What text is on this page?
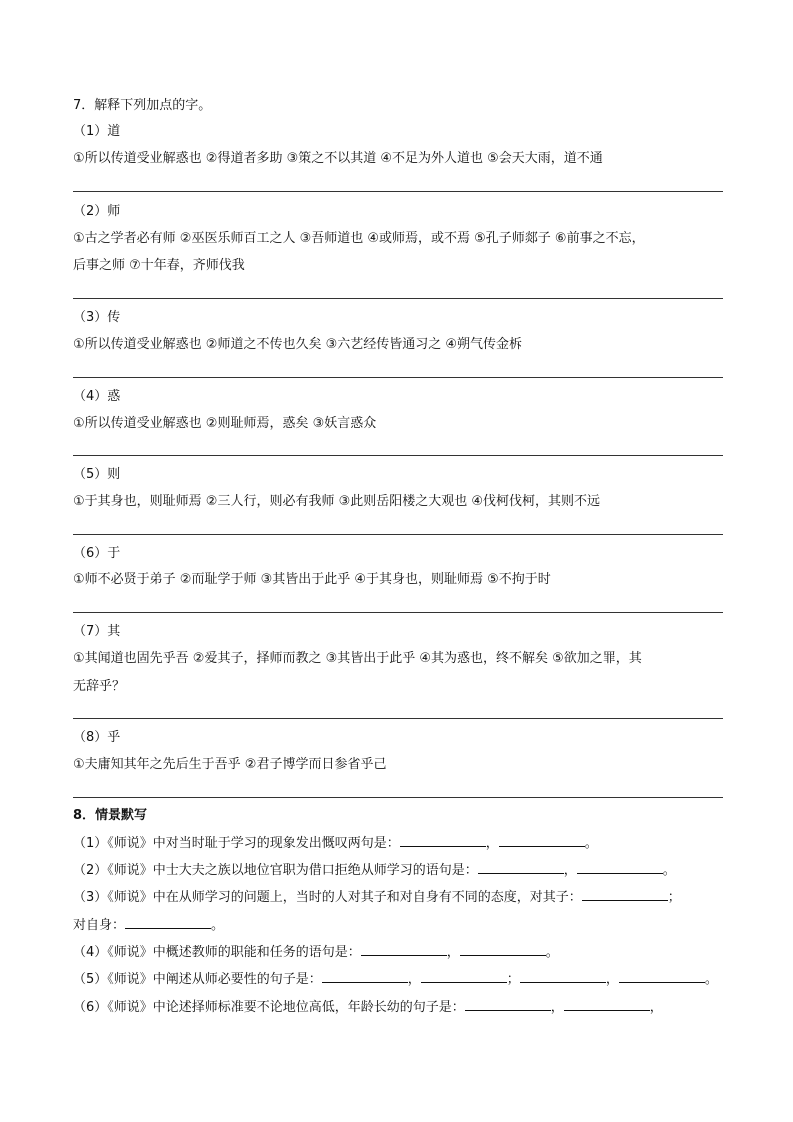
7．解释下列加点的字。
（1）道
①所以传道受业解惑也 ②得道者多助 ③策之不以其道 ④不足为外人道也 ⑤会天大雨，道不通
（2）师
①古之学者必有师 ②巫医乐师百工之人 ③吾师道也 ④或师焉，或不焉 ⑤孔子师郯子 ⑥前事之不忘，
后事之师 ⑦十年春，齐师伐我
（3）传
①所以传道受业解惑也 ②师道之不传也久矣 ③六艺经传皆通习之 ④朔气传金柝
（4）惑
①所以传道受业解惑也 ②则耻师焉，惑矣 ③妖言惑众
（5）则
①于其身也，则耻师焉 ②三人行，则必有我师 ③此则岳阳楼之大观也 ④伐柯伐柯，其则不远
（6）于
①师不必贤于弟子 ②而耻学于师 ③其皆出于此乎 ④于其身也，则耻师焉 ⑤不拘于时
（7）其
①其闻道也固先乎吾 ②爱其子，择师而教之 ③其皆出于此乎 ④其为惑也，终不解矣 ⑤欲加之罪，其
无辞乎？
（8）乎
①夫庸知其年之先后生于吾乎 ②君子博学而日参省乎己
8．情景默写
（1）《师说》中对当时耻于学习的现象发出慨叹两句是：	，	。
（2）《师说》中士大夫之族以地位官职为借口拒绝从师学习的语句是：	，	。
（3）《师说》中在从师学习的问题上，当时的人对其子和对自身有不同的态度，对其子：	；
对自身：	。
（4）《师说》中概述教师的职能和任务的语句是：	，	。
（5）《师说》中阐述从师必要性的句子是：	，	；	，	。
（6）《师说》中论述择师标准要不论地位高低，年龄长幼的句子是：	，	，
